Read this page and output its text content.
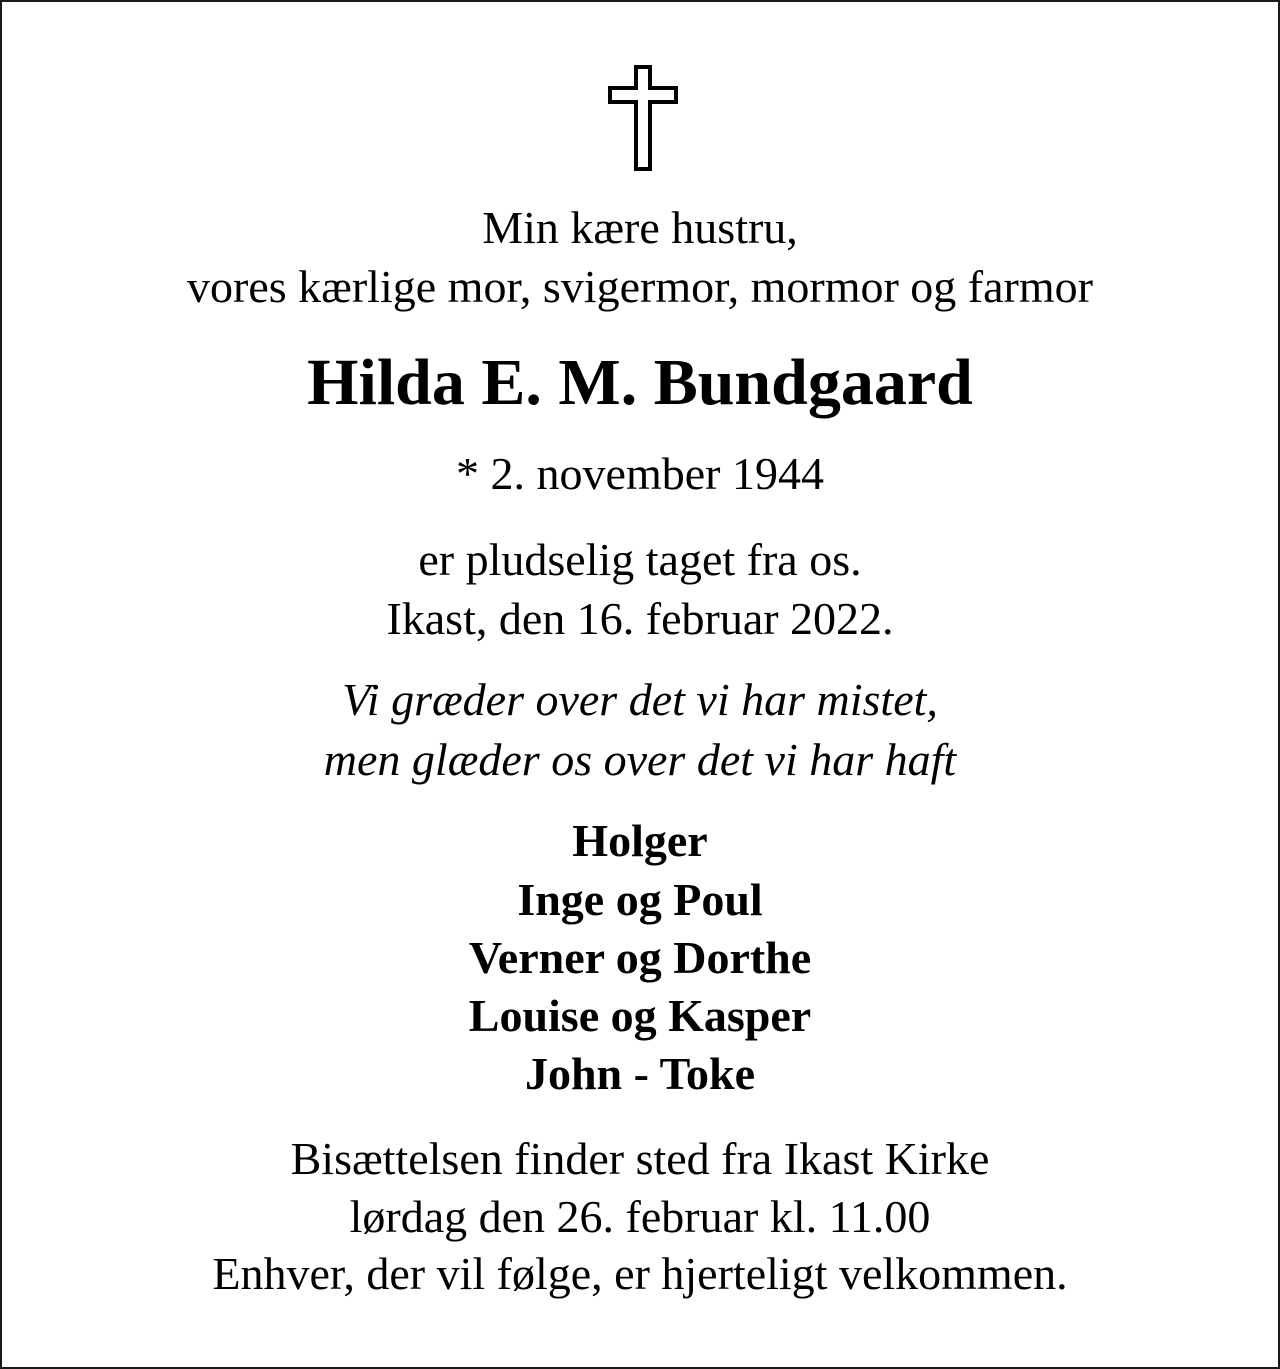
Min kære hustru,
vores kærlige mor, svigermor, mormor og farmor
Hilda E. M. Bundgaard
* 2. november 1944
er pludselig taget fra os.
Ikast, den 16. februar 2022.
Vi græder over det vi har mistet,
men glæder os over det vi har haft
Holger
Inge og Poul
Verner og Dorthe
Louise og Kasper
John - Toke
Bisættelsen finder sted fra Ikast Kirke
lørdag den 26. februar kl. 11.00
Enhver, der vil følge, er hjerteligt velkommen.
